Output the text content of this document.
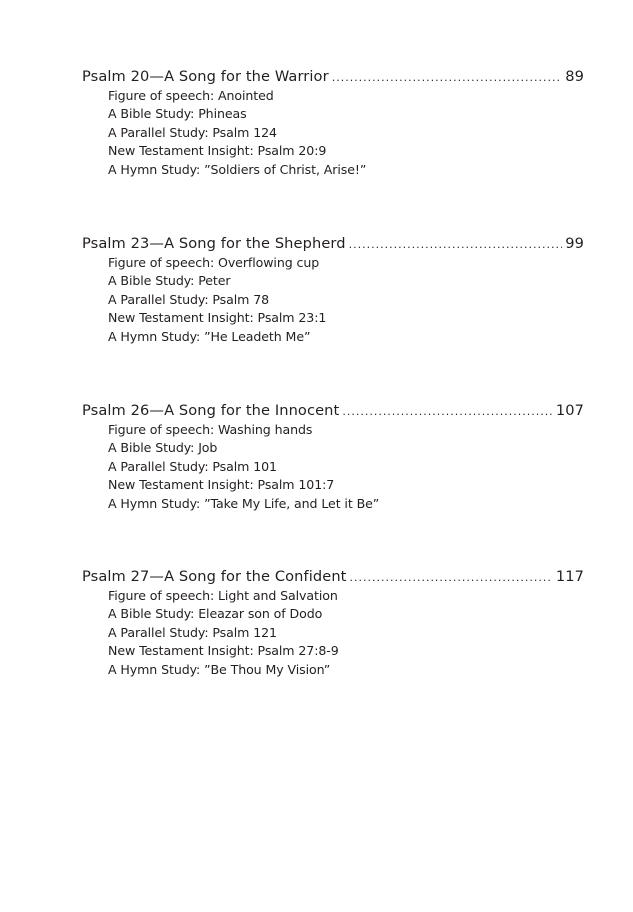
Psalm 20—A Song for the Warrior .....	89
Figure of speech: Anointed
A Bible Study: Phineas
A Parallel Study: Psalm 124
New Testament Insight: Psalm 20:9
A Hymn Study: ”Soldiers of Christ, Arise!”
Psalm 23—A Song for the Shepherd .....	99
Figure of speech: Overflowing cup
A Bible Study: Peter
A Parallel Study: Psalm 78
New Testament Insight: Psalm 23:1
A Hymn Study: ”He Leadeth Me”
Psalm 26—A Song for the Innocent .....	107
Figure of speech: Washing hands
A Bible Study: Job
A Parallel Study: Psalm 101
New Testament Insight: Psalm 101:7
A Hymn Study: ”Take My Life, and Let it Be”
Psalm 27—A Song for the Confident .....	117
Figure of speech: Light and Salvation
A Bible Study: Eleazar son of Dodo
A Parallel Study: Psalm 121
New Testament Insight: Psalm 27:8-9
A Hymn Study: ”Be Thou My Vision”
